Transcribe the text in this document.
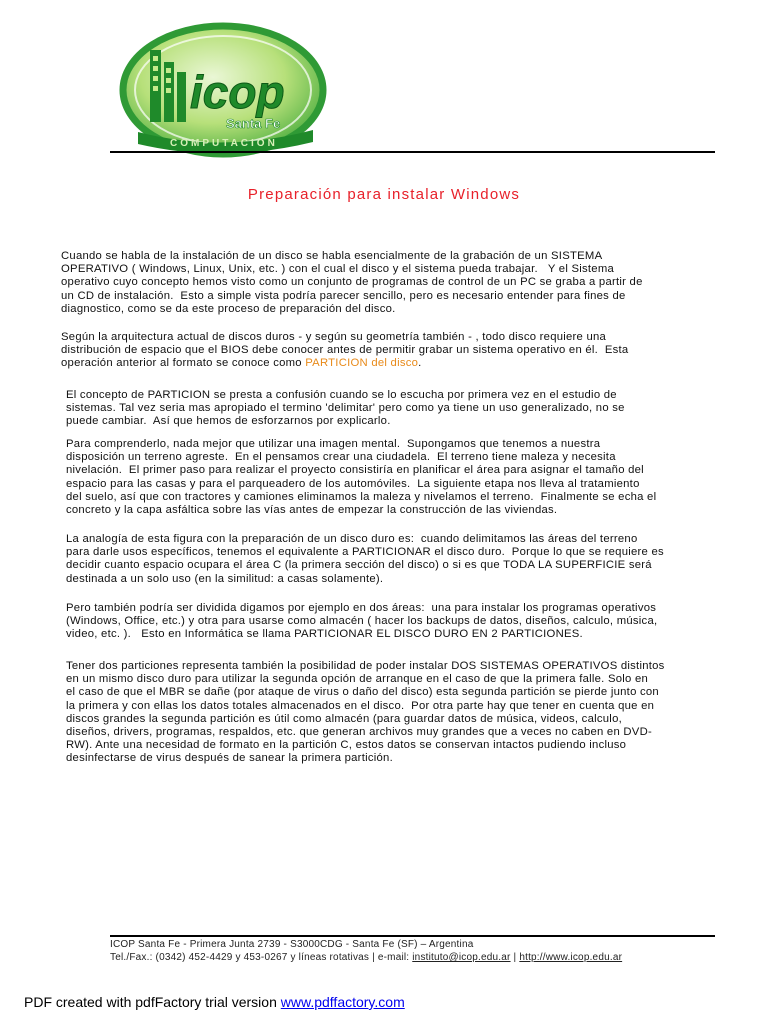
icop
Santa Fe
COMPUTACION
Preparación para instalar Windows

Cuando se habla de la instalación de un disco se habla esencialmente de la grabación de un SISTEMA
OPERATIVO ( Windows, Linux, Unix, etc. ) con el cual el disco y el sistema pueda trabajar.   Y el Sistema
operativo cuyo concepto hemos visto como un conjunto de programas de control de un PC se graba a partir de
un CD de instalación.  Esto a simple vista podría parecer sencillo, pero es necesario entender para fines de
diagnostico, como se da este proceso de preparación del disco.

Según la arquitectura actual de discos duros - y según su geometría también - , todo disco requiere una
distribución de espacio que el BIOS debe conocer antes de permitir grabar un sistema operativo en él.  Esta
operación anterior al formato se conoce como PARTICION del disco.

El concepto de PARTICION se presta a confusión cuando se lo escucha por primera vez en el estudio de
sistemas. Tal vez seria mas apropiado el termino 'delimitar' pero como ya tiene un uso generalizado, no se
puede cambiar.  Así que hemos de esforzarnos por explicarlo.

Para comprenderlo, nada mejor que utilizar una imagen mental.  Supongamos que tenemos a nuestra
disposición un terreno agreste.  En el pensamos crear una ciudadela.  El terreno tiene maleza y necesita
nivelación.  El primer paso para realizar el proyecto consistiría en planificar el área para asignar el tamaño del
espacio para las casas y para el parqueadero de los automóviles.  La siguiente etapa nos lleva al tratamiento
del suelo, así que con tractores y camiones eliminamos la maleza y nivelamos el terreno.  Finalmente se echa el
concreto y la capa asfáltica sobre las vías antes de empezar la construcción de las viviendas.

La analogía de esta figura con la preparación de un disco duro es:  cuando delimitamos las áreas del terreno
para darle usos específicos, tenemos el equivalente a PARTICIONAR el disco duro.  Porque lo que se requiere es
decidir cuanto espacio ocupara el área C (la primera sección del disco) o si es que TODA LA SUPERFICIE será
destinada a un solo uso (en la similitud: a casas solamente).

Pero también podría ser dividida digamos por ejemplo en dos áreas:  una para instalar los programas operativos
(Windows, Office, etc.) y otra para usarse como almacén ( hacer los backups de datos, diseños, calculo, música,
video, etc. ).   Esto en Informática se llama PARTICIONAR EL DISCO DURO EN 2 PARTICIONES.

Tener dos particiones representa también la posibilidad de poder instalar DOS SISTEMAS OPERATIVOS distintos
en un mismo disco duro para utilizar la segunda opción de arranque en el caso de que la primera falle. Solo en
el caso de que el MBR se dañe (por ataque de virus o daño del disco) esta segunda partición se pierde junto con
la primera y con ellas los datos totales almacenados en el disco.  Por otra parte hay que tener en cuenta que en
discos grandes la segunda partición es útil como almacén (para guardar datos de música, videos, calculo,
diseños, drivers, programas, respaldos, etc. que generan archivos muy grandes que a veces no caben en DVD-
RW). Ante una necesidad de formato en la partición C, estos datos se conservan intactos pudiendo incluso
desinfectarse de virus después de sanear la primera partición.

ICOP Santa Fe - Primera Junta 2739 - S3000CDG - Santa Fe (SF) – Argentina
Tel./Fax.: (0342) 452-4429 y 453-0267 y líneas rotativas | e-mail: instituto@icop.edu.ar | http://www.icop.edu.ar
PDF created with pdfFactory trial version www.pdffactory.com
